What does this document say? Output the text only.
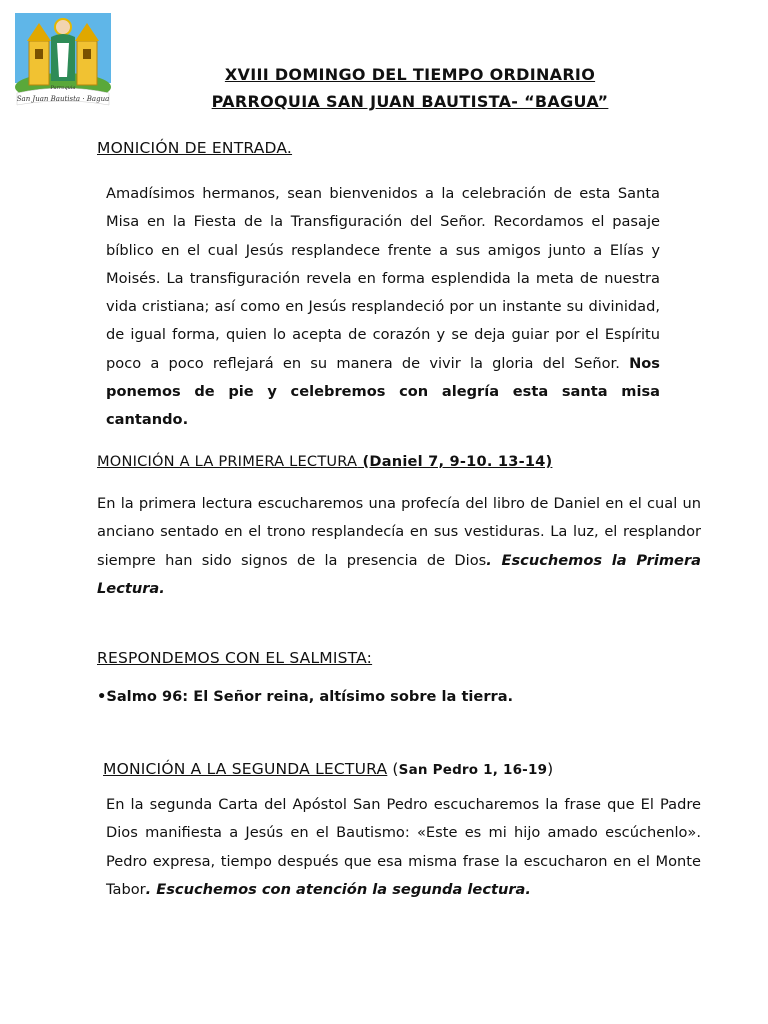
Parroquia
San Juan Bautista · Bagua
XVIII DOMINGO DEL TIEMPO ORDINARIO
PARROQUIA SAN JUAN BAUTISTA- “BAGUA”
MONICIÓN DE ENTRADA.
Amadísimos hermanos, sean bienvenidos a la celebración de esta Santa Misa en la Fiesta de la Transfiguración del Señor. Recordamos el pasaje bíblico en el cual Jesús resplandece frente a sus amigos junto a Elías y Moisés. La transfiguración revela en forma esplendida la meta de nuestra vida cristiana; así como en Jesús resplandeció por un instante su divinidad, de igual forma, quien lo acepta de corazón y se deja guiar por el Espíritu poco a poco reflejará en su manera de vivir la gloria del Señor. Nos ponemos de pie y celebremos con alegría esta santa misa cantando.
MONICIÓN A LA PRIMERA LECTURA (Daniel 7, 9-10. 13-14)
En la primera lectura escucharemos una profecía del libro de Daniel en el cual un anciano sentado en el trono resplandecía en sus vestiduras. La luz, el resplandor siempre han sido signos de la presencia de Dios. Escuchemos la Primera Lectura.
RESPONDEMOS CON EL SALMISTA:
•Salmo 96: El Señor reina, altísimo sobre la tierra.
MONICIÓN A LA SEGUNDA LECTURA (San Pedro 1, 16-19)
En la segunda Carta del Apóstol San Pedro escucharemos la frase que El Padre Dios manifiesta a Jesús en el Bautismo: «Este es mi hijo amado escúchenlo». Pedro expresa, tiempo después que esa misma frase la escucharon en el Monte Tabor. Escuchemos con atención la segunda lectura.
